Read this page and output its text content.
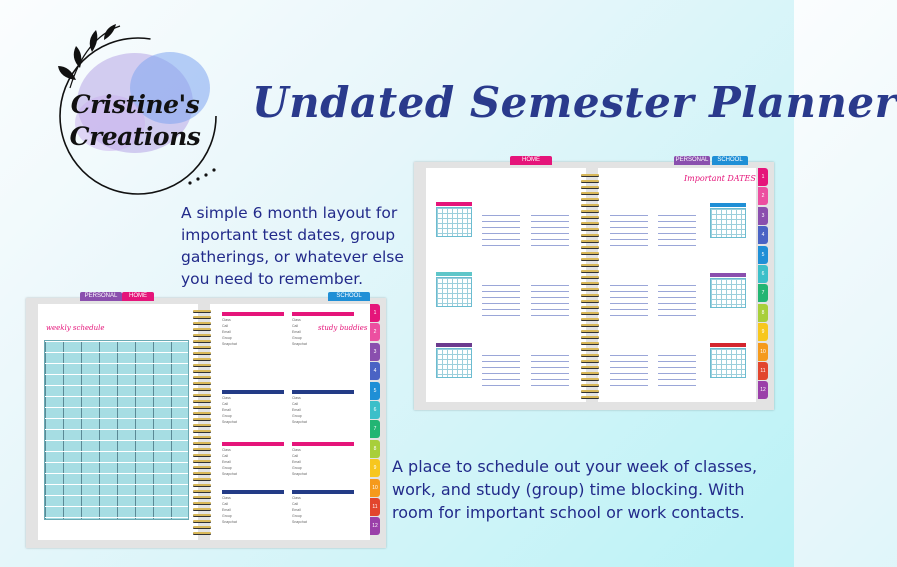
Cristine's
Creations
Undated Semester Planner
A simple 6 month layout for important test dates, group gatherings, or whatever else you need to remember.
A place to schedule out your week of classes, work, and study (group) time blocking. With room for important school or work contacts.
HOME	PERSONAL	SCHOOL
Important DATES	1
2
3
4
5
6
7
8
9
10
11
12
PERSONAL	HOME	SCHOOL
weekly schedule	study buddies
1
2
3
4
5
6
7
8
9
10
11
12
Class
Call
Email
Group
Snapchat
Class
Call
Email
Group
Snapchat
Class
Call
Email
Group
Snapchat
Class
Call
Email
Group
Snapchat
Class
Call
Email
Group
Snapchat
Class
Call
Email
Group
Snapchat
Class
Call
Email
Group
Snapchat
Class
Call
Email
Group
Snapchat
